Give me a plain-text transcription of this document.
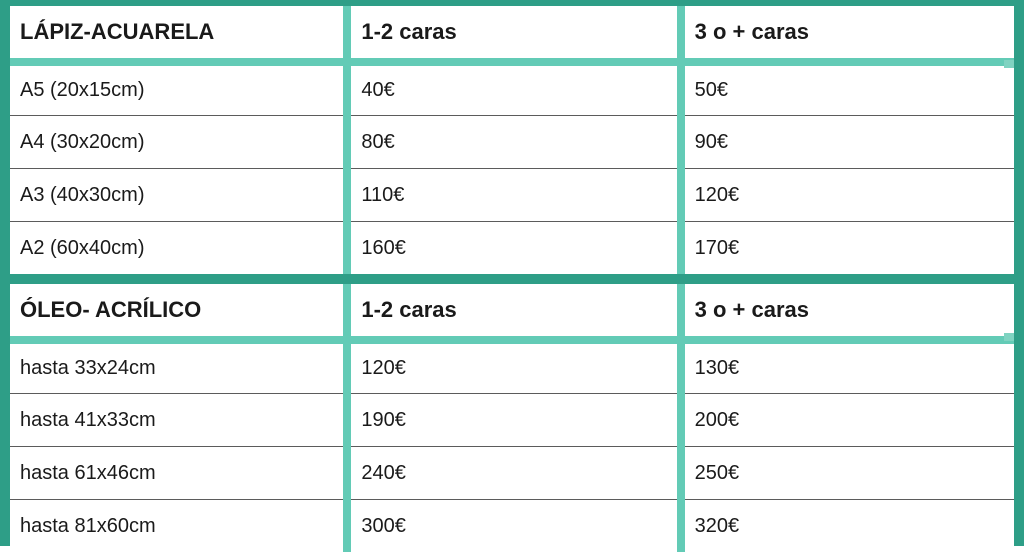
LÁPIZ-ACUARELA	1-2 caras	3 o + caras
A5 (20x15cm)	40€	50€
A4 (30x20cm)	80€	90€
A3 (40x30cm)	110€	120€
A2 (60x40cm)	160€	170€

ÓLEO- ACRÍLICO	1-2 caras	3 o + caras
hasta 33x24cm	120€	130€
hasta 41x33cm	190€	200€
hasta 61x46cm	240€	250€
hasta 81x60cm	300€	320€
